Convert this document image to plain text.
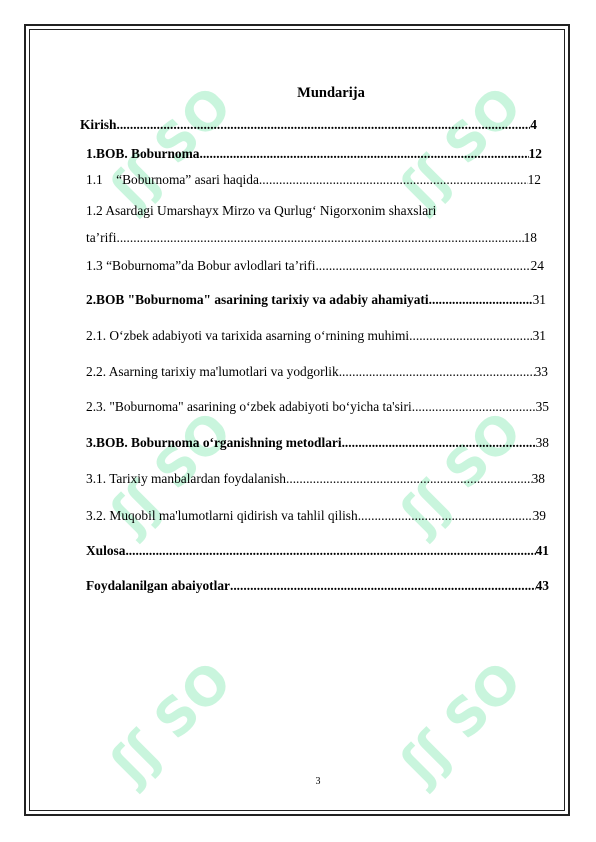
ʃʃ SOFF
ʃʃ SOFF
ʃʃ SOFF
ʃʃ SOFF
ʃʃ SOFF
ʃʃ SOFF
Mundarija
Kirish .....	4
1.BOB. Boburnoma .....	12
1.1    “Boburnoma” asari haqida .....	12
1.2 Asardagi Umarshayx Mirzo va Qurlug‘ Nigorxonim shaxslari
ta’rifi .....	18
1.3 “Boburnoma”da Bobur avlodlari ta’rifi .....	24
2.BOB "Boburnoma" asarining tarixiy va adabiy ahamiyati .....	31
2.1. O‘zbek adabiyoti va tarixida asarning o‘rnining muhimi .....	31
2.2. Asarning tarixiy ma'lumotlari va yodgorlik .....	33
2.3. "Boburnoma" asarining o‘zbek adabiyoti bo‘yicha ta'siri .....	35
3.BOB. Boburnoma o‘rganishning metodlari .....	38
3.1. Tarixiy manbalardan foydalanish .....	38
3.2. Muqobil ma'lumotlarni qidirish va tahlil qilish .....	39
Xulosa .....	41
Foydalanilgan abaiyotlar .....	43
3
